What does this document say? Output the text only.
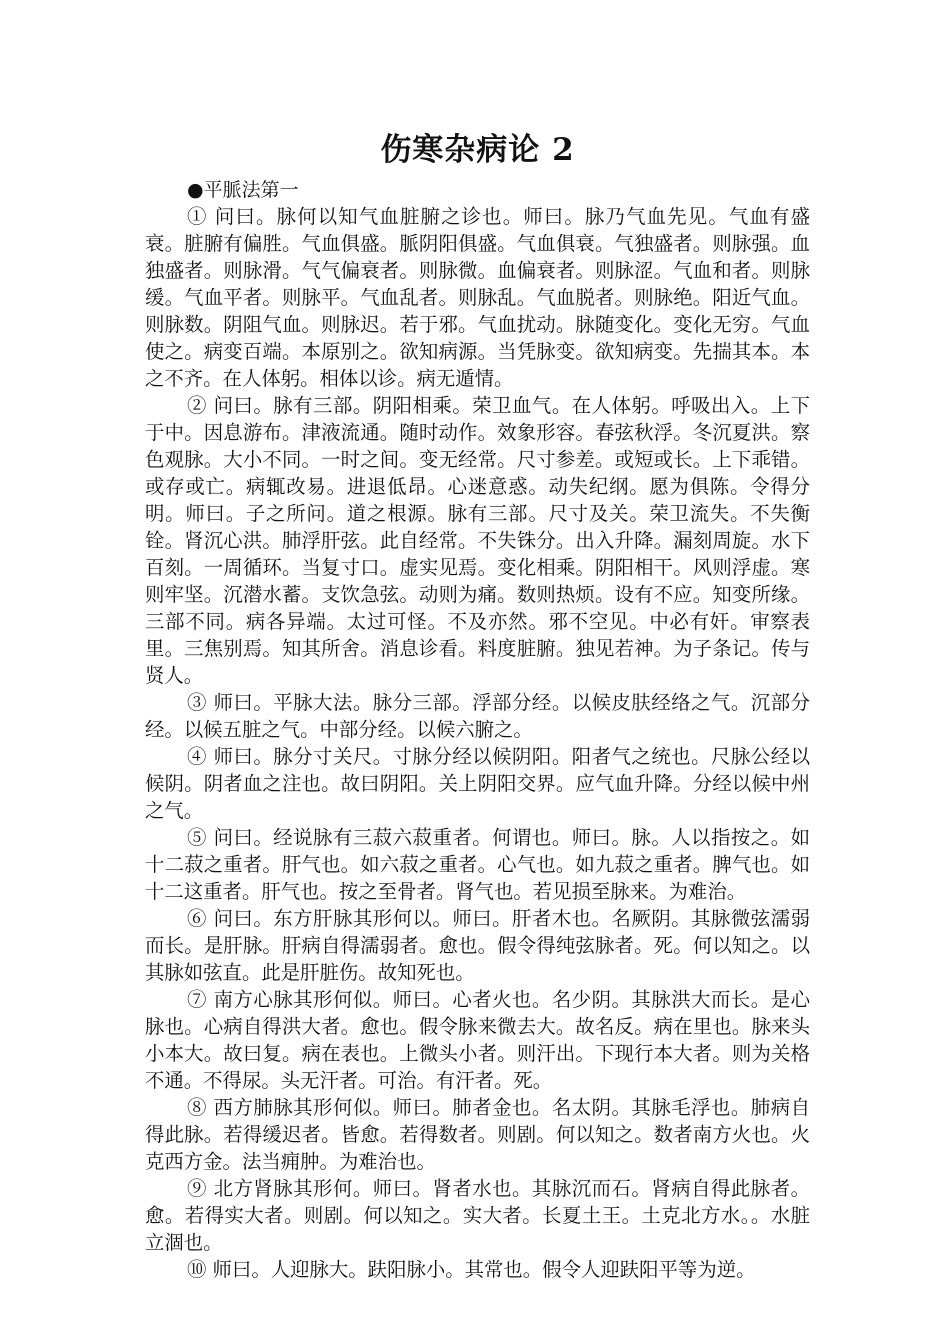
伤寒杂病论 2

●平脈法第一

① 问曰。脉何以知气血脏腑之诊也。师曰。脉乃气血先见。气血有盛衰。脏腑有偏胜。气血俱盛。脈阴阳俱盛。气血俱衰。气独盛者。则脉强。血独盛者。则脉滑。气气偏衰者。则脉微。血偏衰者。则脉涩。气血和者。则脉缓。气血平者。则脉平。气血乱者。则脉乱。气血脱者。则脉绝。阳近气血。则脉数。阴阻气血。则脉迟。若于邪。气血扰动。脉随变化。变化无穷。气血使之。病变百端。本原别之。欲知病源。当凭脉变。欲知病变。先揣其本。本之不齐。在人体躬。相体以诊。病无遁情。

② 问曰。脉有三部。阴阳相乘。荣卫血气。在人体躬。呼吸出入。上下于中。因息游布。津液流通。随时动作。效象形容。春弦秋浮。冬沉夏洪。察色观脉。大小不同。一时之间。变无经常。尺寸参差。或短或长。上下乖错。或存或亡。病辄改易。进退低昂。心迷意惑。动失纪纲。愿为俱陈。令得分明。师曰。子之所问。道之根源。脉有三部。尺寸及关。荣卫流失。不失衡铨。肾沉心洪。肺浮肝弦。此自经常。不失铢分。出入升降。漏刻周旋。水下百刻。一周循环。当复寸口。虚实见焉。变化相乘。阴阳相干。风则浮虚。寒则牢坚。沉潜水蓄。支饮急弦。动则为痛。数则热烦。设有不应。知变所缘。三部不同。病各异端。太过可怪。不及亦然。邪不空见。中必有奸。审察表里。三焦别焉。知其所舍。消息诊看。料度脏腑。独见若神。为子条记。传与贤人。

③ 师曰。平脉大法。脉分三部。浮部分经。以候皮肤经络之气。沉部分经。以候五脏之气。中部分经。以候六腑之。

④ 师曰。脉分寸关尺。寸脉分经以候阴阳。阳者气之统也。尺脉公经以候阴。阴者血之注也。故曰阴阳。关上阴阳交界。应气血升降。分经以候中州之气。

⑤ 问曰。经说脉有三菽六菽重者。何谓也。师曰。脉。人以指按之。如十二菽之重者。肝气也。如六菽之重者。心气也。如九菽之重者。脾气也。如十二这重者。肝气也。按之至骨者。肾气也。若见损至脉来。为难治。

⑥ 问曰。东方肝脉其形何以。师曰。肝者木也。名厥阴。其脉微弦濡弱而长。是肝脉。肝病自得濡弱者。愈也。假令得纯弦脉者。死。何以知之。以其脉如弦直。此是肝脏伤。故知死也。

⑦ 南方心脉其形何似。师曰。心者火也。名少阴。其脉洪大而长。是心脉也。心病自得洪大者。愈也。假令脉来微去大。故名反。病在里也。脉来头小本大。故曰复。病在表也。上微头小者。则汗出。下现行本大者。则为关格不通。不得尿。头无汗者。可治。有汗者。死。

⑧ 西方肺脉其形何似。师曰。肺者金也。名太阴。其脉毛浮也。肺病自得此脉。若得缓迟者。皆愈。若得数者。则剧。何以知之。数者南方火也。火克西方金。法当痈肿。为难治也。

⑨ 北方肾脉其形何。师曰。肾者水也。其脉沉而石。肾病自得此脉者。愈。若得实大者。则剧。何以知之。实大者。长夏土王。土克北方水。。水脏立涸也。

⑩ 师曰。人迎脉大。趺阳脉小。其常也。假令人迎趺阳平等为逆。
